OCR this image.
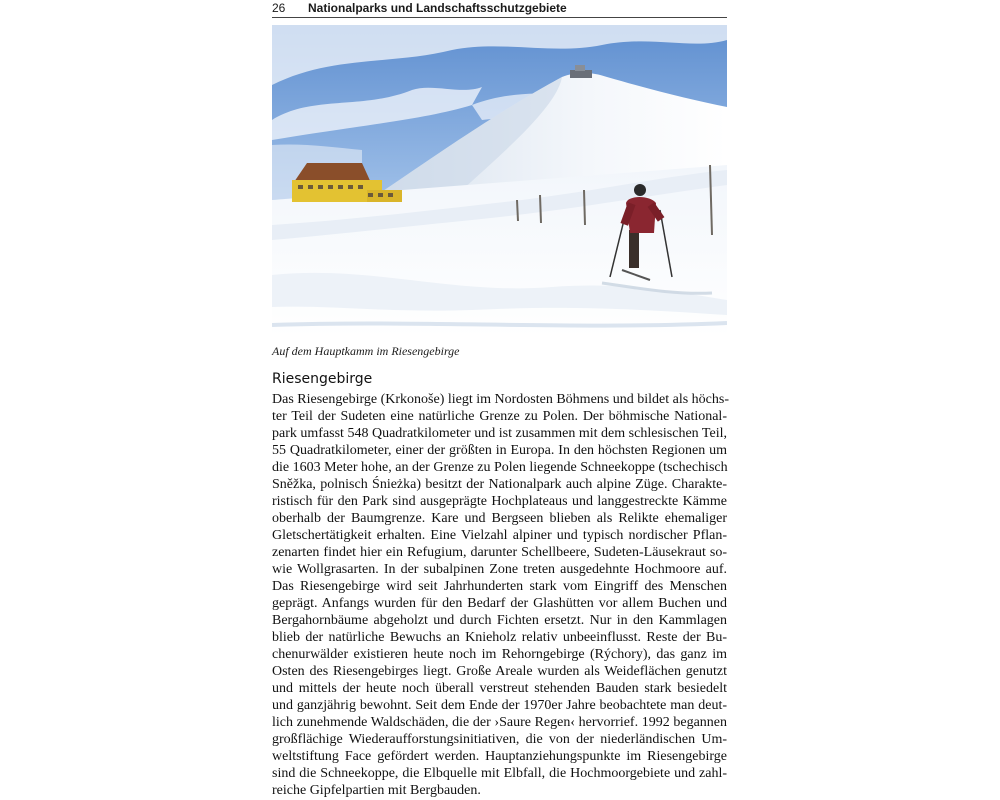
26 Nationalparks und Landschaftsschutzgebiete
Auf dem Hauptkamm im Riesengebirge
Riesengebirge

Das Riesengebirge (Krkonoše) liegt im Nordosten Böhmens und bildet als höchs-
ter Teil der Sudeten eine natürliche Grenze zu Polen. Der böhmische National-
park umfasst 548 Quadratkilometer und ist zusammen mit dem schlesischen Teil,
55 Quadratkilometer, einer der größten in Europa. In den höchsten Regionen um
die 1603 Meter hohe, an der Grenze zu Polen liegende Schneekoppe (tschechisch
Sněžka, polnisch Śnieżka) besitzt der Nationalpark auch alpine Züge. Charakte-
ristisch für den Park sind ausgeprägte Hochplateaus und langgestreckte Kämme
oberhalb der Baumgrenze. Kare und Bergseen blieben als Relikte ehemaliger
Gletschertätigkeit erhalten. Eine Vielzahl alpiner und typisch nordischer Pflan-
zenarten findet hier ein Refugium, darunter Schellbeere, Sudeten-Läusekraut so-
wie Wollgrasarten. In der subalpinen Zone treten ausgedehnte Hochmoore auf.
Das Riesengebirge wird seit Jahrhunderten stark vom Eingriff des Menschen
geprägt. Anfangs wurden für den Bedarf der Glashütten vor allem Buchen und
Bergahornbäume abgeholzt und durch Fichten ersetzt. Nur in den Kammlagen
blieb der natürliche Bewuchs an Knieholz relativ unbeeinflusst. Reste der Bu-
chenurwälder existieren heute noch im Rehorngebirge (Rýchory), das ganz im
Osten des Riesengebirges liegt. Große Areale wurden als Weideflächen genutzt
und mittels der heute noch überall verstreut stehenden Bauden stark besiedelt
und ganzjährig bewohnt. Seit dem Ende der 1970er Jahre beobachtete man deut-
lich zunehmende Waldschäden, die der ›Saure Regen‹ hervorrief. 1992 begannen
großflächige Wiederaufforstungsinitiativen, die von der niederländischen Um-
weltstiftung Face gefördert werden. Hauptanziehungspunkte im Riesengebirge
sind die Schneekoppe, die Elbquelle mit Elbfall, die Hochmoorgebiete und zahl-
reiche Gipfelpartien mit Bergbauden.
